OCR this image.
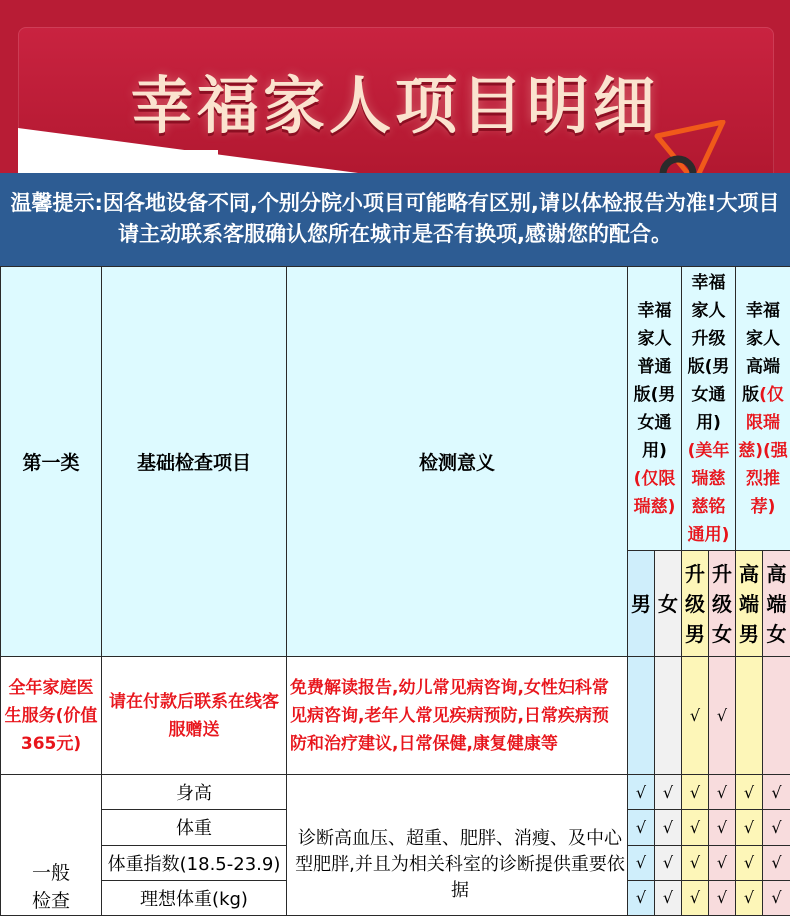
幸福家人项目明细
温馨提示:因各地设备不同,个别分院小项目可能略有区别,请以体检报告为准!大项目请主动联系客服确认您所在城市是否有换项,感谢您的配合。
第一类	基础检查项目	检测意义	幸福家人普通版(男女通用)(仅限瑞慈)		幸福家人升级版(男女通用)(美年瑞慈慈铭通用)		幸福家人高端版(仅限瑞慈)(强烈推荐)	

			男	女	升级男	升级女	高端男	高端女
全年家庭医生服务(价值365元)	请在付款后联系在线客服赠送	免费解读报告,幼儿常见病咨询,女性妇科常见病咨询,老年人常见疾病预防,日常疾病预防和治疗建议,日常保健,康复健康等			√	√		

一般检查	身高	诊断高血压、超重、肥胖、消瘦、及中心型肥胖,并且为相关科室的诊断提供重要依据	√	√	√	√	√	√
	体重		√	√	√	√	√	√
	体重指数(18.5-23.9)		√	√	√	√	√	√
	理想体重(kg)		√	√	√	√	√	√
